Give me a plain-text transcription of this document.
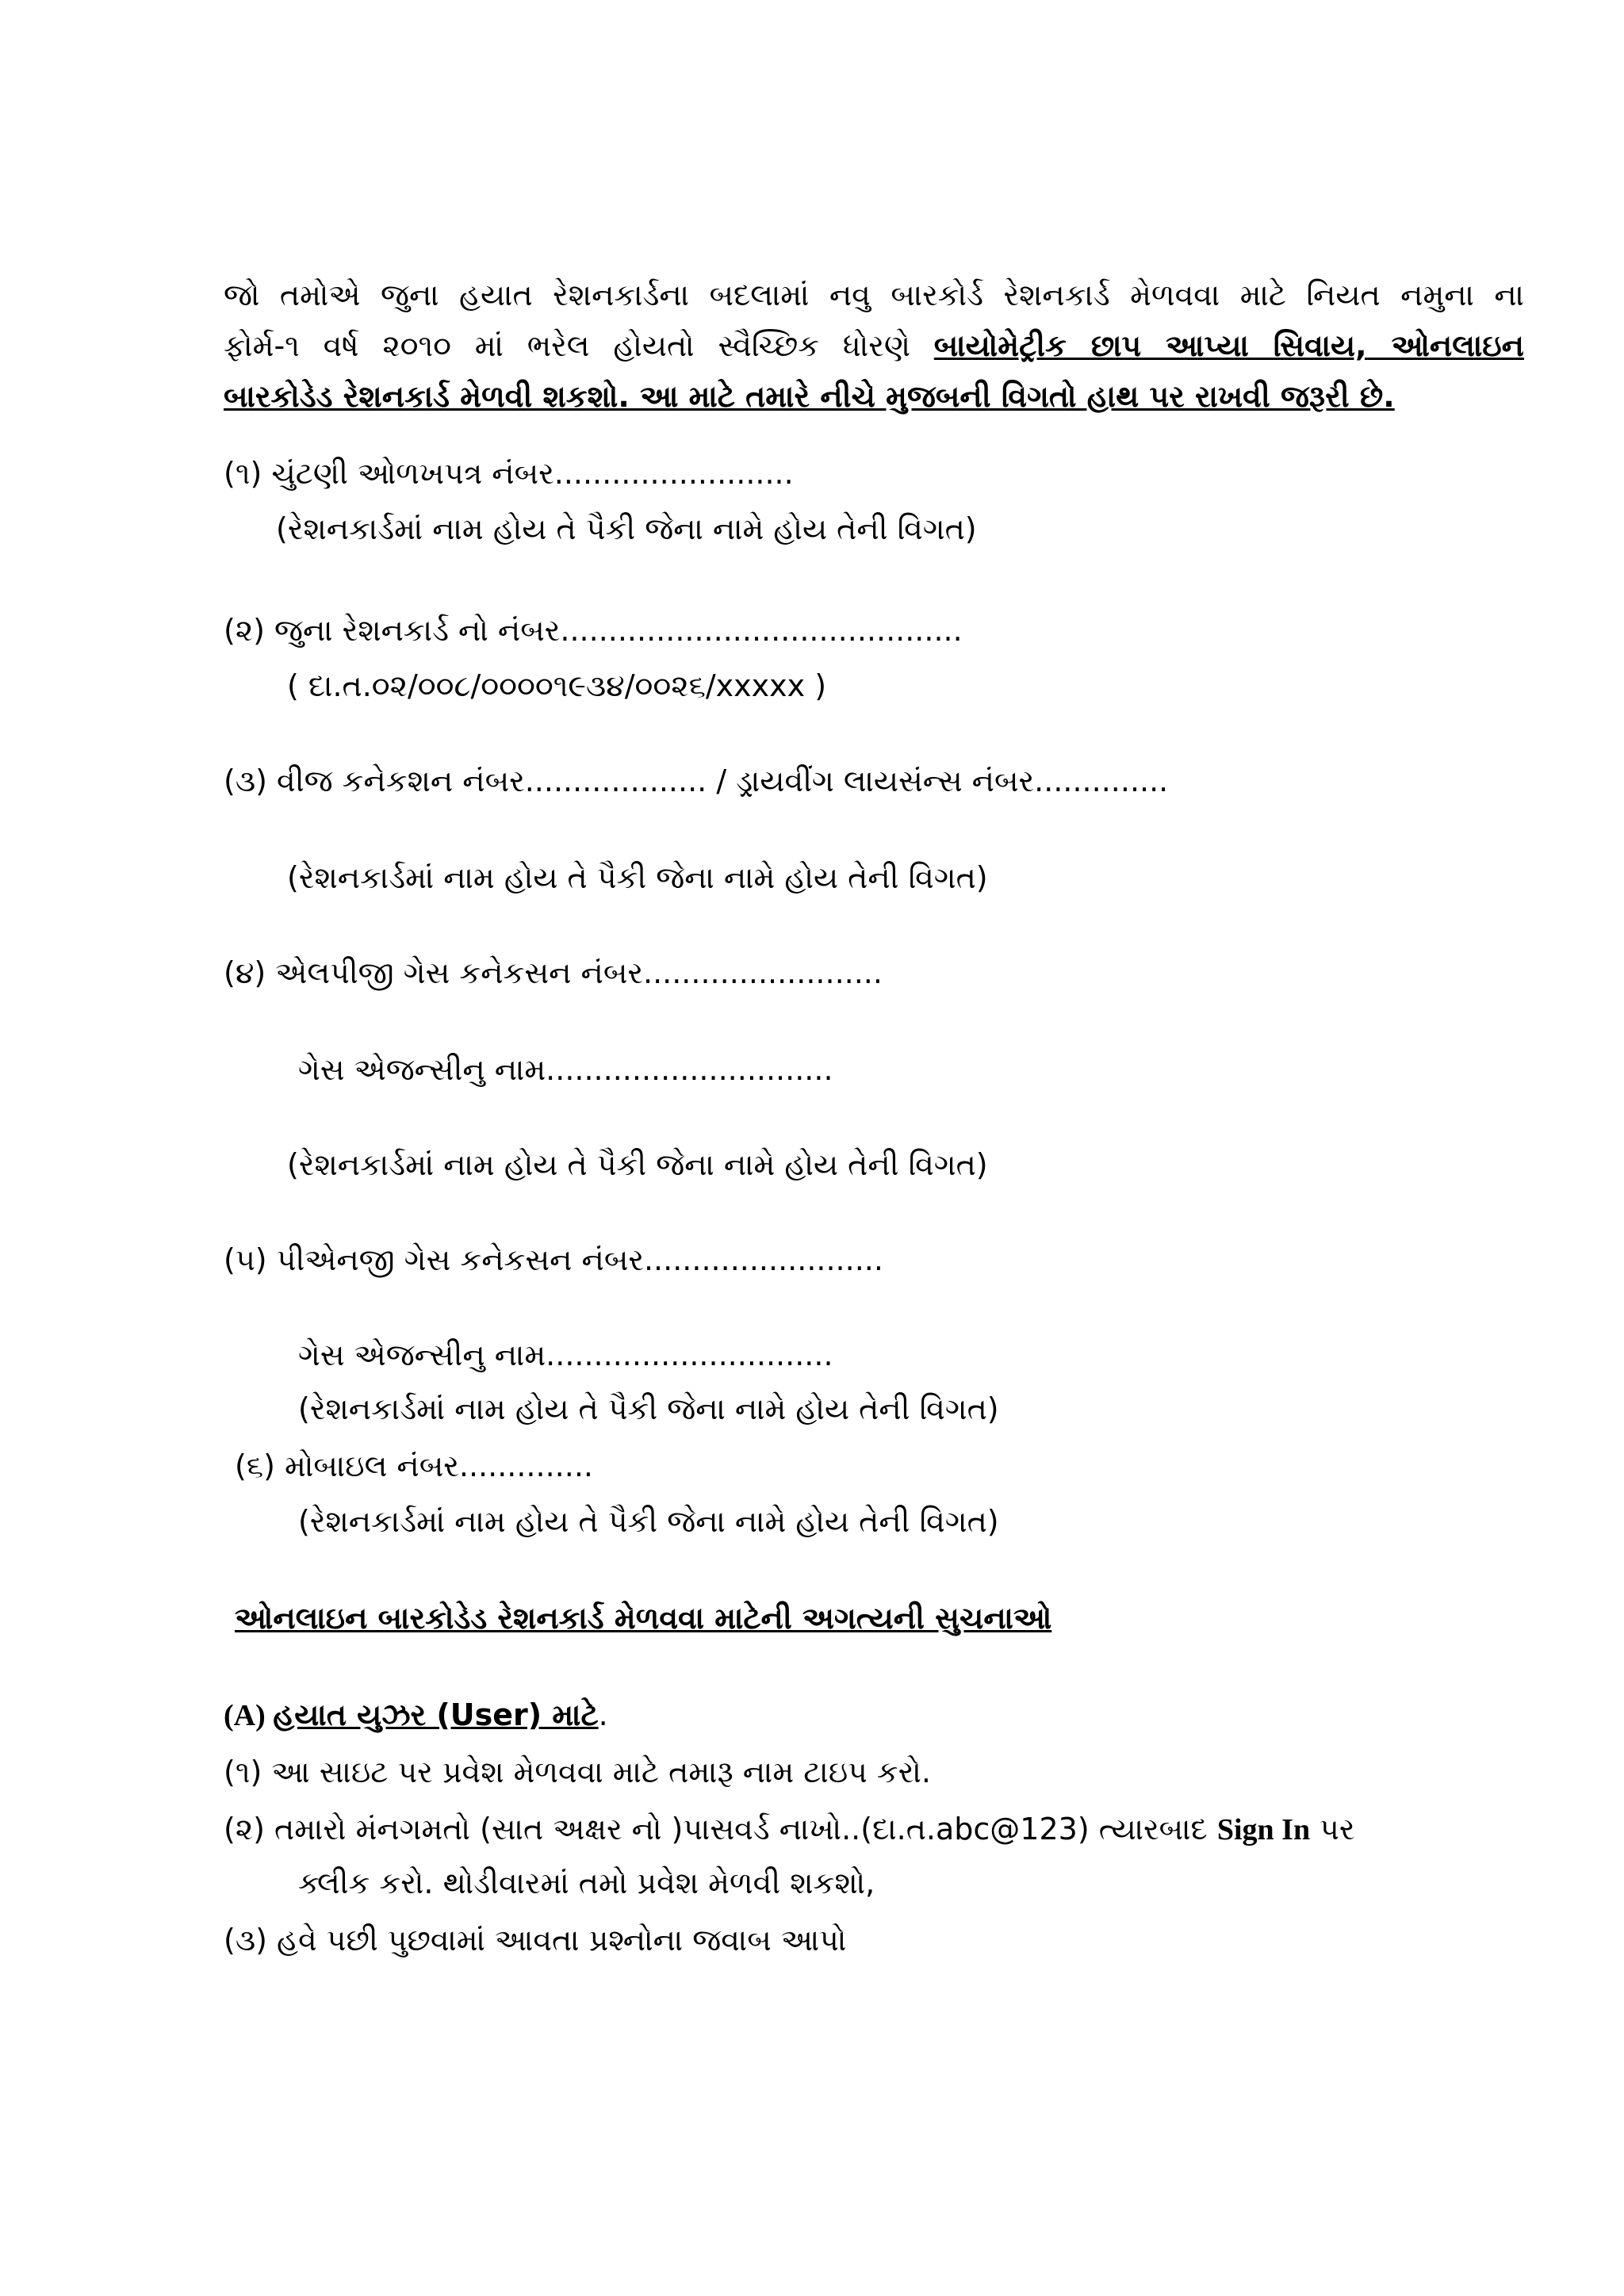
જો તમોએ જુના હયાત રેશનકાર્ડના બદલામાં નવુ બારકોર્ડ રેશનકાર્ડ મેળવવા માટે નિયત નમુના ના
ફોર્મ-૧ વર્ષ ૨૦૧૦ માં ભરેલ હોયતો સ્વૈચ્છિક ધોરણે બાયોમેટ્રીક છાપ આપ્યા સિવાય, ઓનલાઇન
બારકોડેડ રેશનકાર્ડ મેળવી શકશો. આ માટે તમારે નીચે મુજબની વિગતો હાથ પર રાખવી જરૂરી છે.
(૧) ચુંટણી ઓળખપત્ર નંબર.........................
(રેશનકાર્ડમાં નામ હોય તે પૈકી જેના નામે હોય તેની વિગત)
(૨) જુના રેશનકાર્ડ નો નંબર..........................................
( દા.ત.૦૨/૦૦૮/૦૦૦૦૧૯૩૪/૦૦૨૬/xxxxx )
(૩) વીજ કનેકશન નંબર................... / ડ્રાયવીંગ લાયસંન્સ નંબર..............
(રેશનકાર્ડમાં નામ હોય તે પૈકી જેના નામે હોય તેની વિગત)
(૪) એલપીજી ગેસ કનેકસન નંબર.........................
ગેસ એજન્સીનુ નામ..............................
(રેશનકાર્ડમાં નામ હોય તે પૈકી જેના નામે હોય તેની વિગત)
(૫) પીએનજી ગેસ કનેકસન નંબર.........................
ગેસ એજન્સીનુ નામ..............................
(રેશનકાર્ડમાં નામ હોય તે પૈકી જેના નામે હોય તેની વિગત)
(૬) મોબાઇલ નંબર..............
(રેશનકાર્ડમાં નામ હોય તે પૈકી જેના નામે હોય તેની વિગત)
ઓનલાઇન બારકોડેડ રેશનકાર્ડ મેળવવા માટેની અગત્યની સુચનાઓ
(A) હયાત યુઝર (User) માટે.
(૧) આ સાઇટ પર પ્રવેશ મેળવવા માટે તમારૂ નામ ટાઇપ કરો.
(૨) તમારો મંનગમતો (સાત અક્ષર નો )પાસવર્ડ નાખો..(દા.ત.abc@123) ત્યારબાદ Sign In પર
ક્લીક કરો. થોડીવારમાં તમો પ્રવેશ મેળવી શકશો,
(૩) હવે પછી પુછવામાં આવતા પ્રશ્નોના જવાબ આપો
